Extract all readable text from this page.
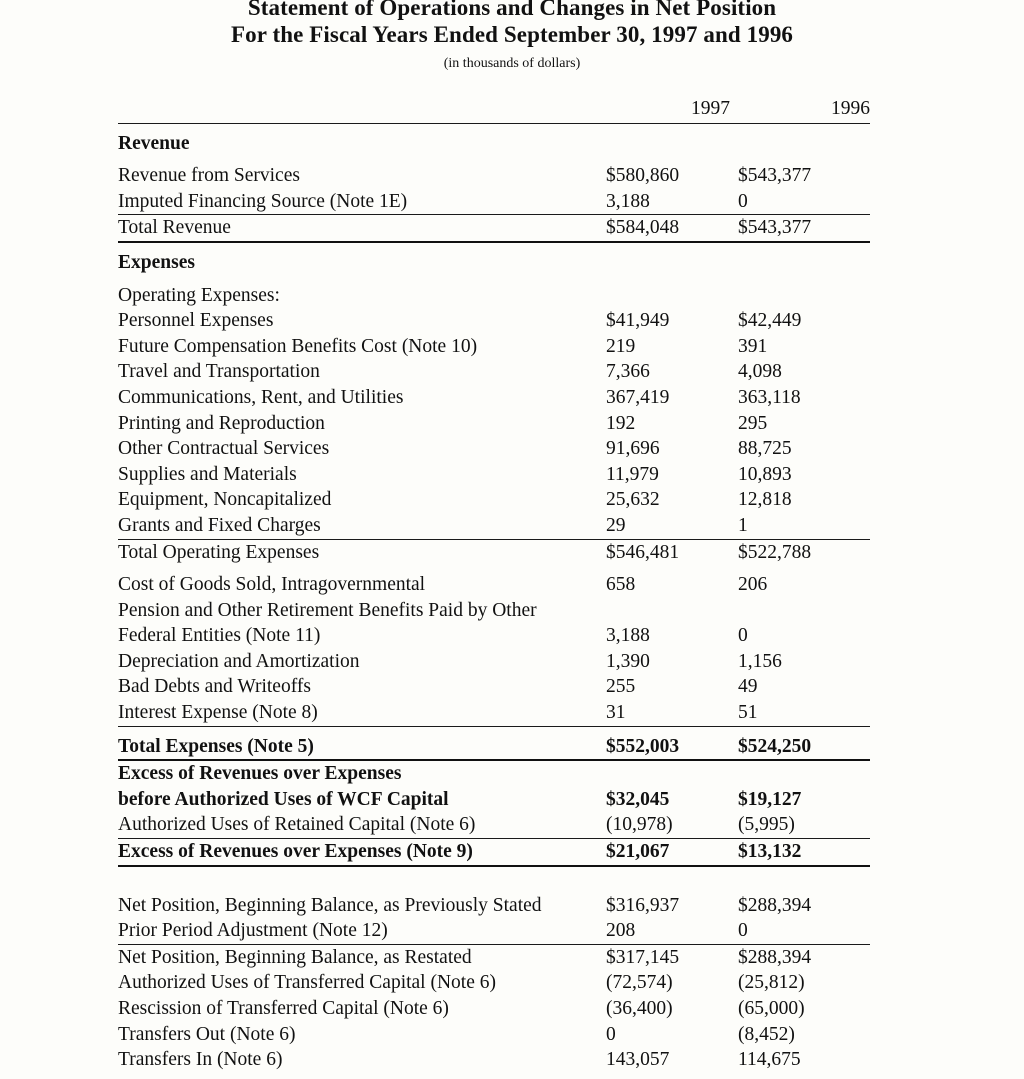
Statement of Operations and Changes in Net Position
For the Fiscal Years Ended September 30, 1997 and 1996
(in thousands of dollars)
	1997	1996

Revenue		

Revenue from Services	$580,860	$543,377
Imputed Financing Source (Note 1E)	3,188	0
Total Revenue	$584,048	$543,377

Expenses		

Operating Expenses:		
Personnel Expenses	$41,949	$42,449
Future Compensation Benefits Cost (Note 10)	219	391
Travel and Transportation	7,366	4,098
Communications, Rent, and Utilities	367,419	363,118
Printing and Reproduction	192	295
Other Contractual Services	91,696	88,725
Supplies and Materials	11,979	10,893
Equipment, Noncapitalized	25,632	12,818
Grants and Fixed Charges	29	1
Total Operating Expenses	$546,481	$522,788

Cost of Goods Sold, Intragovernmental	658	206
Pension and Other Retirement Benefits Paid by Other		
Federal Entities (Note 11)	3,188	0
Depreciation and Amortization	1,390	1,156
Bad Debts and Writeoffs	255	49
Interest Expense (Note 8)	31	51

Total Expenses (Note 5)	$552,003	$524,250
Excess of Revenues over Expenses		
before Authorized Uses of WCF Capital	$32,045	$19,127
Authorized Uses of Retained Capital (Note 6)	(10,978)	(5,995)
Excess of Revenues over Expenses (Note 9)	$21,067	$13,132

Net Position, Beginning Balance, as Previously Stated	$316,937	$288,394
Prior Period Adjustment (Note 12)	208	0
Net Position, Beginning Balance, as Restated	$317,145	$288,394
Authorized Uses of Transferred Capital (Note 6)	(72,574)	(25,812)
Rescission of Transferred Capital (Note 6)	(36,400)	(65,000)
Transfers Out (Note 6)	0	(8,452)
Transfers In (Note 6)	143,057	114,675
